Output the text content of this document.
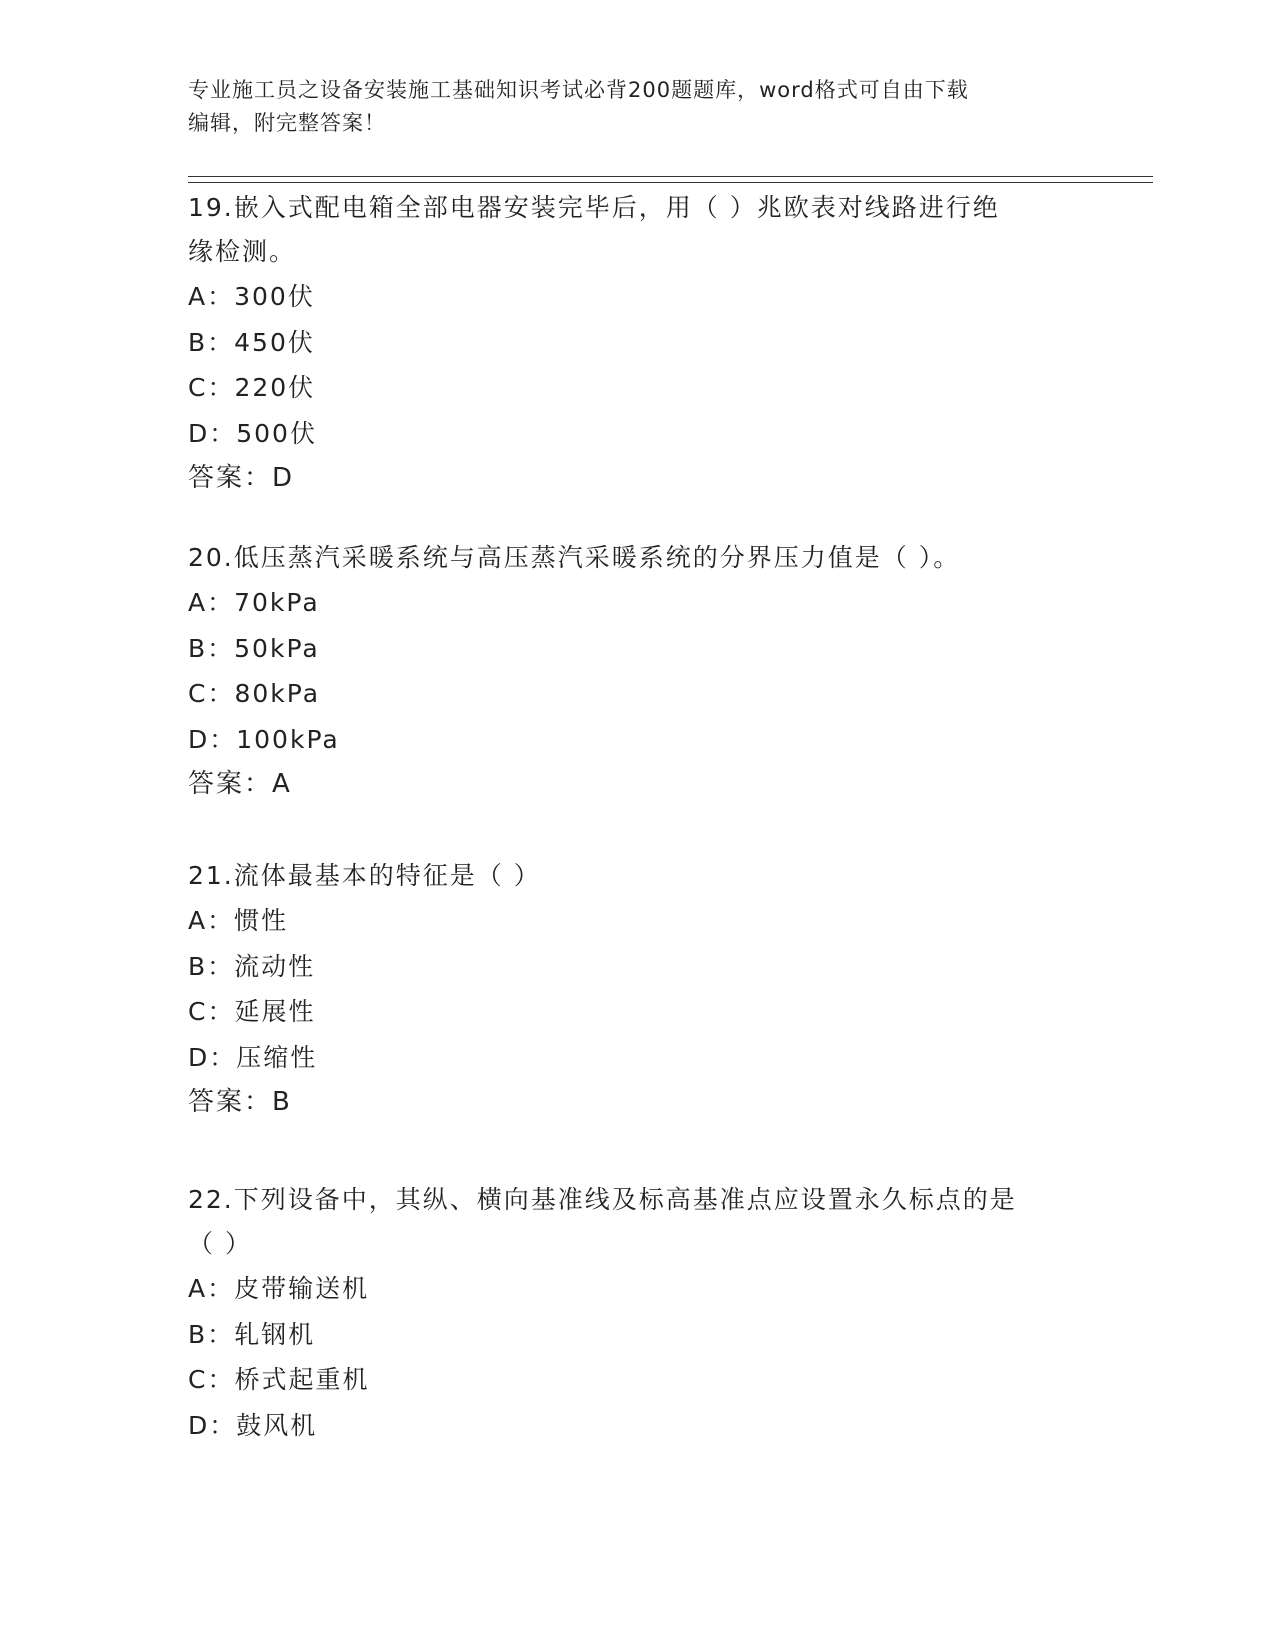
专业施工员之设备安装施工基础知识考试必背200题题库，word格式可自由下载
编辑，附完整答案！
19.嵌入式配电箱全部电器安装完毕后，用（ ）兆欧表对线路进行绝
缘检测。
A：300伏
B：450伏
C：220伏
D：500伏
答案：D
20.低压蒸汽采暖系统与高压蒸汽采暖系统的分界压力值是（ ）。
A：70kPa
B：50kPa
C：80kPa
D：100kPa
答案：A
21.流体最基本的特征是（ ）
A：惯性
B：流动性
C：延展性
D：压缩性
答案：B
22.下列设备中，其纵、横向基准线及标高基准点应设置永久标点的是
（ ）
A：皮带输送机
B：轧钢机
C：桥式起重机
D：鼓风机
